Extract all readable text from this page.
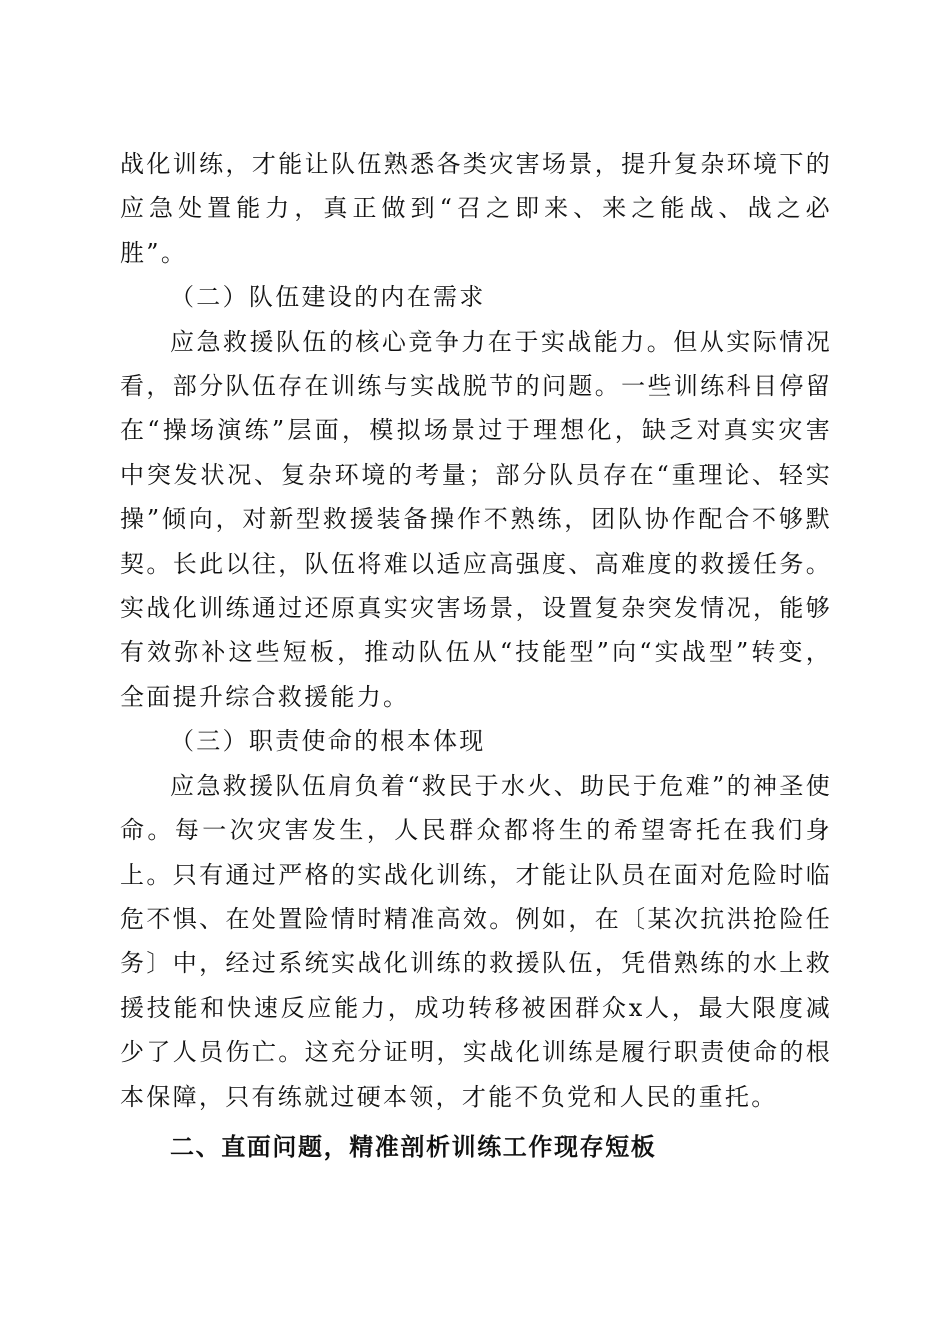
战化训练，才能让队伍熟悉各类灾害场景，提升复杂环境下的应急处置能力，真正做到“召之即来、来之能战、战之必胜”。

（二）队伍建设的内在需求

应急救援队伍的核心竞争力在于实战能力。但从实际情况看，部分队伍存在训练与实战脱节的问题。一些训练科目停留在“操场演练”层面，模拟场景过于理想化，缺乏对真实灾害中突发状况、复杂环境的考量；部分队员存在“重理论、轻实操”倾向，对新型救援装备操作不熟练，团队协作配合不够默契。长此以往，队伍将难以适应高强度、高难度的救援任务。实战化训练通过还原真实灾害场景，设置复杂突发情况，能够有效弥补这些短板，推动队伍从“技能型”向“实战型”转变，全面提升综合救援能力。

（三）职责使命的根本体现

应急救援队伍肩负着“救民于水火、助民于危难”的神圣使命。每一次灾害发生，人民群众都将生的希望寄托在我们身上。只有通过严格的实战化训练，才能让队员在面对危险时临危不惧、在处置险情时精准高效。例如，在〔某次抗洪抢险任务〕中，经过系统实战化训练的救援队伍，凭借熟练的水上救援技能和快速反应能力，成功转移被困群众x人，最大限度减少了人员伤亡。这充分证明，实战化训练是履行职责使命的根本保障，只有练就过硬本领，才能不负党和人民的重托。

二、直面问题，精准剖析训练工作现存短板
